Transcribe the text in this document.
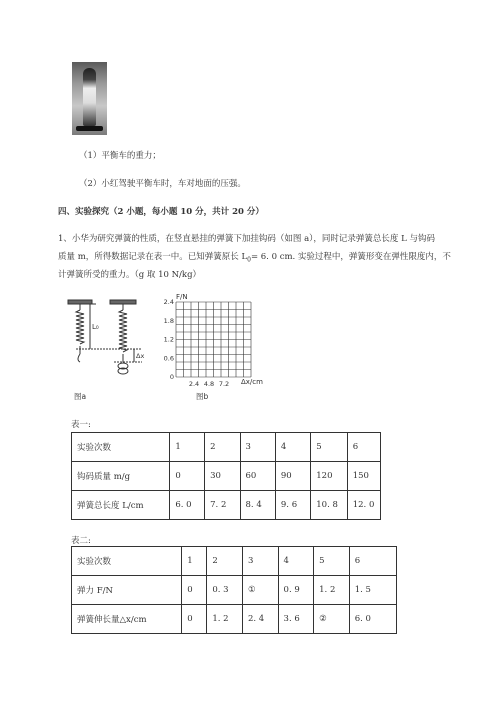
（1）平衡车的重力；
（2）小红驾驶平衡车时，车对地面的压强。
四、实验探究（2 小题，每小题 10 分，共计 20 分）
1、小华为研究弹簧的性质，在竖直悬挂的弹簧下加挂钩码（如图 a），同时记录弹簧总长度 L 与钩码
质量 m，所得数据记录在表一中。已知弹簧原长 $L_0= 6$. 0 cm. 实验过程中，弹簧形变在弹性限度内，不
计弹簧所受的重力。（g 取 10 N/kg）
L₀
Δx
图a
F/N
2.4
1.8
1.2
0.6
0
2.4 4.8 7.2 Δx/cm
图b
表一:
实验次数	1	2	3	4	5	6
钩码质量 m/g	0	30	60	90	120	150
弹簧总长度 L/cm	6. 0	7. 2	8. 4	9. 6	10. 8	12. 0
表二:
实验次数	1	2	3	4	5	6
弹力 F/N	0	0. 3	①	0. 9	1. 2	1. 5
弹簧伸长量△x/cm	0	1. 2	2. 4	3. 6	②	6. 0
